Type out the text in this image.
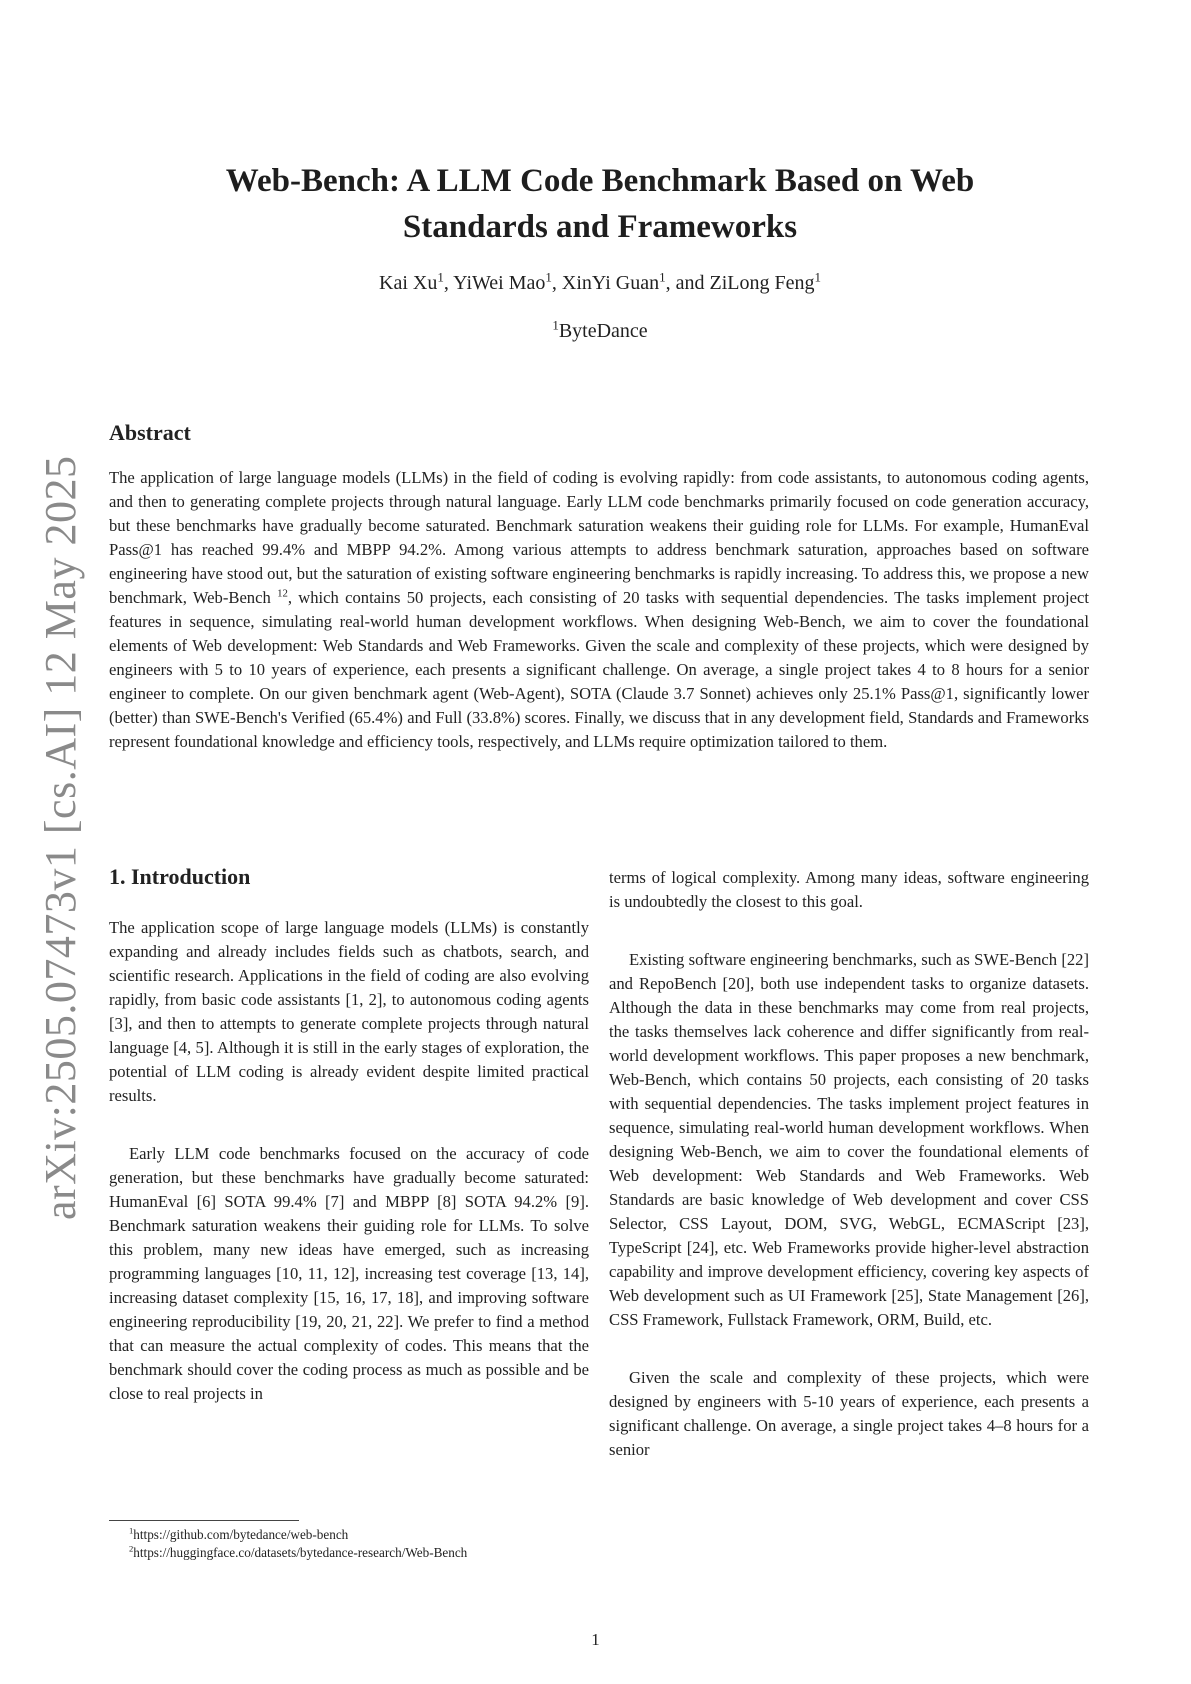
arXiv:2505.07473v1 [cs.AI] 12 May 2025
Web-Bench: A LLM Code Benchmark Based on Web
Standards and Frameworks
Kai Xu$^1$, YiWei Mao$^1$, XinYi Guan$^1$, and ZiLong Feng$^1$
$^1$ByteDance
Abstract
The application of large language models (LLMs) in the field of coding is evolving rapidly: from code assistants, to autonomous coding agents, and then to generating complete projects through natural language. Early LLM code benchmarks primarily focused on code generation accuracy, but these benchmarks have gradually become saturated. Benchmark saturation weakens their guiding role for LLMs. For example, HumanEval Pass@1 has reached 99.4% and MBPP 94.2%. Among various attempts to address benchmark saturation, approaches based on software engineering have stood out, but the saturation of existing software engineering benchmarks is rapidly increasing. To address this, we propose a new benchmark, Web-Bench $^{12}$, which contains 50 projects, each consisting of 20 tasks with sequential dependencies. The tasks implement project features in sequence, simulating real-world human development workflows. When designing Web-Bench, we aim to cover the foundational elements of Web development: Web Standards and Web Frameworks. Given the scale and complexity of these projects, which were designed by engineers with 5 to 10 years of experience, each presents a significant challenge. On average, a single project takes 4 to 8 hours for a senior engineer to complete. On our given benchmark agent (Web-Agent), SOTA (Claude 3.7 Sonnet) achieves only 25.1% Pass@1, significantly lower (better) than SWE-Bench's Verified (65.4%) and Full (33.8%) scores. Finally, we discuss that in any development field, Standards and Frameworks represent foundational knowledge and efficiency tools, respectively, and LLMs require optimization tailored to them.
1. Introduction

The application scope of large language models (LLMs) is constantly expanding and already includes fields such as chatbots, search, and scientific research. Applications in the field of coding are also evolving rapidly, from basic code assistants [1, 2], to autonomous coding agents [3], and then to attempts to generate complete projects through natural language [4, 5]. Although it is still in the early stages of exploration, the potential of LLM coding is already evident despite limited practical results.

Early LLM code benchmarks focused on the accuracy of code generation, but these benchmarks have gradually become saturated: HumanEval [6] SOTA 99.4% [7] and MBPP [8] SOTA 94.2% [9]. Benchmark saturation weakens their guiding role for LLMs. To solve this problem, many new ideas have emerged, such as increasing programming languages [10, 11, 12], increasing test coverage [13, 14], increasing dataset complexity [15, 16, 17, 18], and improving software engineering reproducibility [19, 20, 21, 22]. We prefer to find a method that can measure the actual complexity of codes. This means that the benchmark should cover the coding process as much as possible and be close to real projects in

terms of logical complexity. Among many ideas, software engineering is undoubtedly the closest to this goal.

Existing software engineering benchmarks, such as SWE-Bench [22] and RepoBench [20], both use independent tasks to organize datasets. Although the data in these benchmarks may come from real projects, the tasks themselves lack coherence and differ significantly from real-world development workflows. This paper proposes a new benchmark, Web-Bench, which contains 50 projects, each consisting of 20 tasks with sequential dependencies. The tasks implement project features in sequence, simulating real-world human development workflows. When designing Web-Bench, we aim to cover the foundational elements of Web development: Web Standards and Web Frameworks. Web Standards are basic knowledge of Web development and cover CSS Selector, CSS Layout, DOM, SVG, WebGL, ECMAScript [23], TypeScript [24], etc. Web Frameworks provide higher-level abstraction capability and improve development efficiency, covering key aspects of Web development such as UI Framework [25], State Management [26], CSS Framework, Fullstack Framework, ORM, Build, etc.

Given the scale and complexity of these projects, which were designed by engineers with 5-10 years of experience, each presents a significant challenge. On average, a single project takes 4–8 hours for a senior

$^1$https://github.com/bytedance/web-bench
$^2$https://huggingface.co/datasets/bytedance-research/Web-Bench
1
